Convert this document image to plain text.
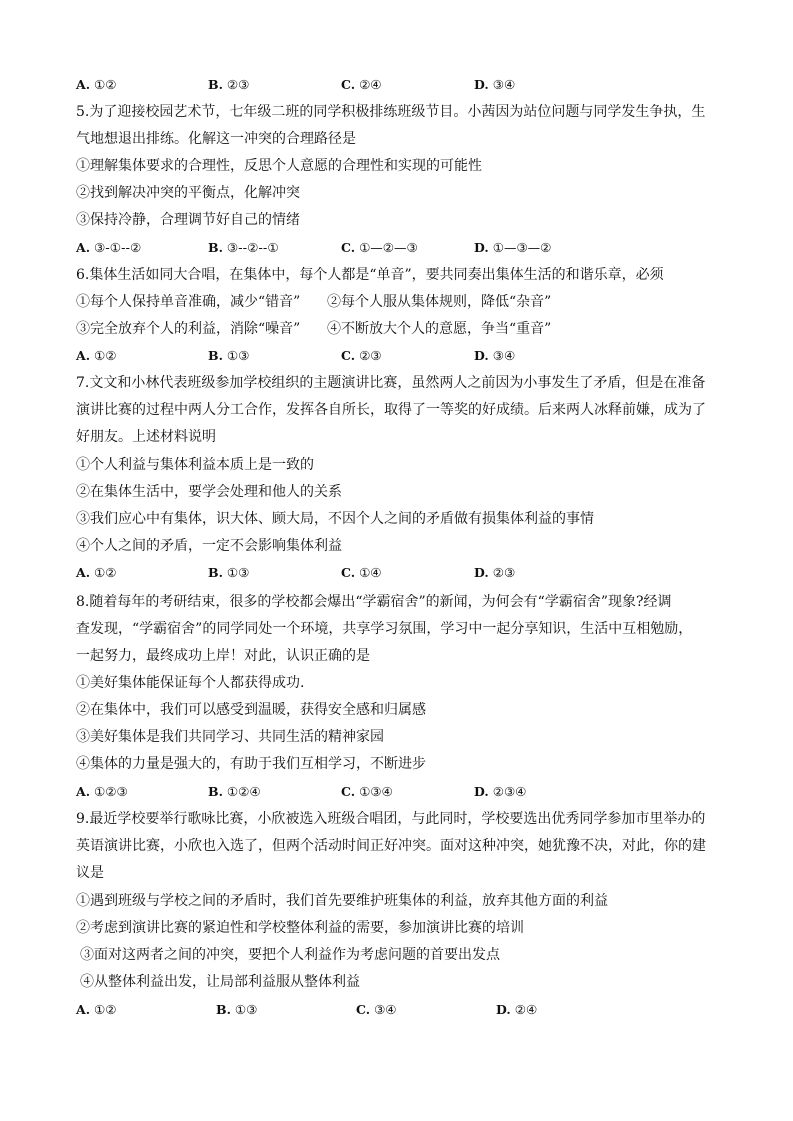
A. ①②	B. ②③	C. ②④	D. ③④
5.为了迎接校园艺术节，七年级二班的同学积极排练班级节目。小茜因为站位问题与同学发生争执，生
气地想退出排练。化解这一冲突的合理路径是
①理解集体要求的合理性，反思个人意愿的合理性和实现的可能性
②找到解决冲突的平衡点，化解冲突
③保持冷静，合理调节好自己的情绪
A. ③-①--②	B. ③--②--①	C. ①—②—③	D. ①—③—②
6.集体生活如同大合唱，在集体中，每个人都是“单音”，要共同奏出集体生活的和谐乐章，必须
①每个人保持单音准确，减少“错音”      ②每个人服从集体规则，降低“杂音”
③完全放弃个人的利益，消除“噪音”      ④不断放大个人的意愿，争当“重音”
A. ①②	B. ①③	C. ②③	D. ③④
7.文文和小林代表班级参加学校组织的主题演讲比赛，虽然两人之前因为小事发生了矛盾，但是在准备
演讲比赛的过程中两人分工合作，发挥各自所长，取得了一等奖的好成绩。后来两人冰释前嫌，成为了
好朋友。上述材料说明
①个人利益与集体利益本质上是一致的
②在集体生活中，要学会处理和他人的关系
③我们应心中有集体，识大体、顾大局，不因个人之间的矛盾做有损集体利益的事情
④个人之间的矛盾，一定不会影响集体利益
A. ①②	B. ①③	C. ①④	D. ②③
8.随着每年的考研结束，很多的学校都会爆出“学霸宿舍”的新闻，为何会有“学霸宿舍”现象?经调
查发现，“学霸宿舍”的同学同处一个环境，共享学习氛围，学习中一起分享知识，生活中互相勉励，
一起努力，最终成功上岸！对此，认识正确的是
①美好集体能保证每个人都获得成功.
②在集体中，我们可以感受到温暖，获得安全感和归属感
③美好集体是我们共同学习、共同生活的精神家园
④集体的力量是强大的，有助于我们互相学习，不断进步
A. ①②③	B. ①②④	C. ①③④	D. ②③④
9.最近学校要举行歌咏比赛，小欣被选入班级合唱团，与此同时，学校要选出优秀同学参加市里举办的
英语演讲比赛，小欣也入选了，但两个活动时间正好冲突。面对这种冲突，她犹豫不决，对此，你的建
议是
①遇到班级与学校之间的矛盾时，我们首先要维护班集体的利益，放弃其他方面的利益
②考虑到演讲比赛的紧迫性和学校整体利益的需要，参加演讲比赛的培训
③面对这两者之间的冲突，要把个人利益作为考虑问题的首要出发点
④从整体利益出发，让局部利益服从整体利益
A. ①②	B. ①③	C. ③④	D. ②④
